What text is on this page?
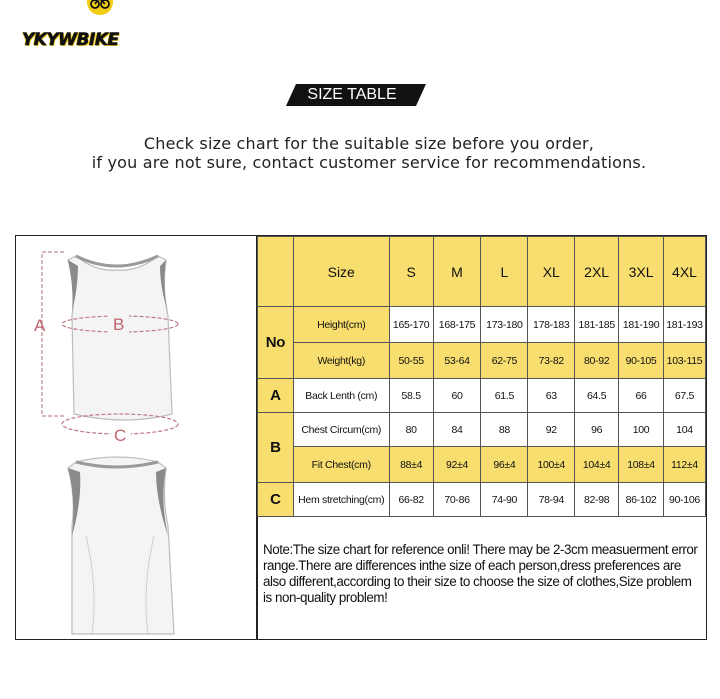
YKYWBIKE
SIZE TABLE
Check size chart for the suitable size before you order,
if you are not sure, contact customer service for recommendations.
A	B
C
	Size	S	M	L	XL	2XL	3XL	4XL
No	Height(cm)	165-170	168-175	173-180	178-183	181-185	181-190	181-193
	Weight(kg)	50-55	53-64	62-75	73-82	80-92	90-105	103-115
A	Back Lenth (cm)	58.5	60	61.5	63	64.5	66	67.5
B	Chest Circum(cm)	80	84	88	92	96	100	104
	Fit Chest(cm)	88±4	92±4	96±4	100±4	104±4	108±4	112±4
C	Hem stretching(cm)	66-82	70-86	74-90	78-94	82-98	86-102	90-106
Note:The size chart for reference onli! There may be 2-3cm measuerment error range.There are differences inthe size of each person,dress preferences are also different,according to their size to choose the size of clothes,Size problem is non-quality problem!
